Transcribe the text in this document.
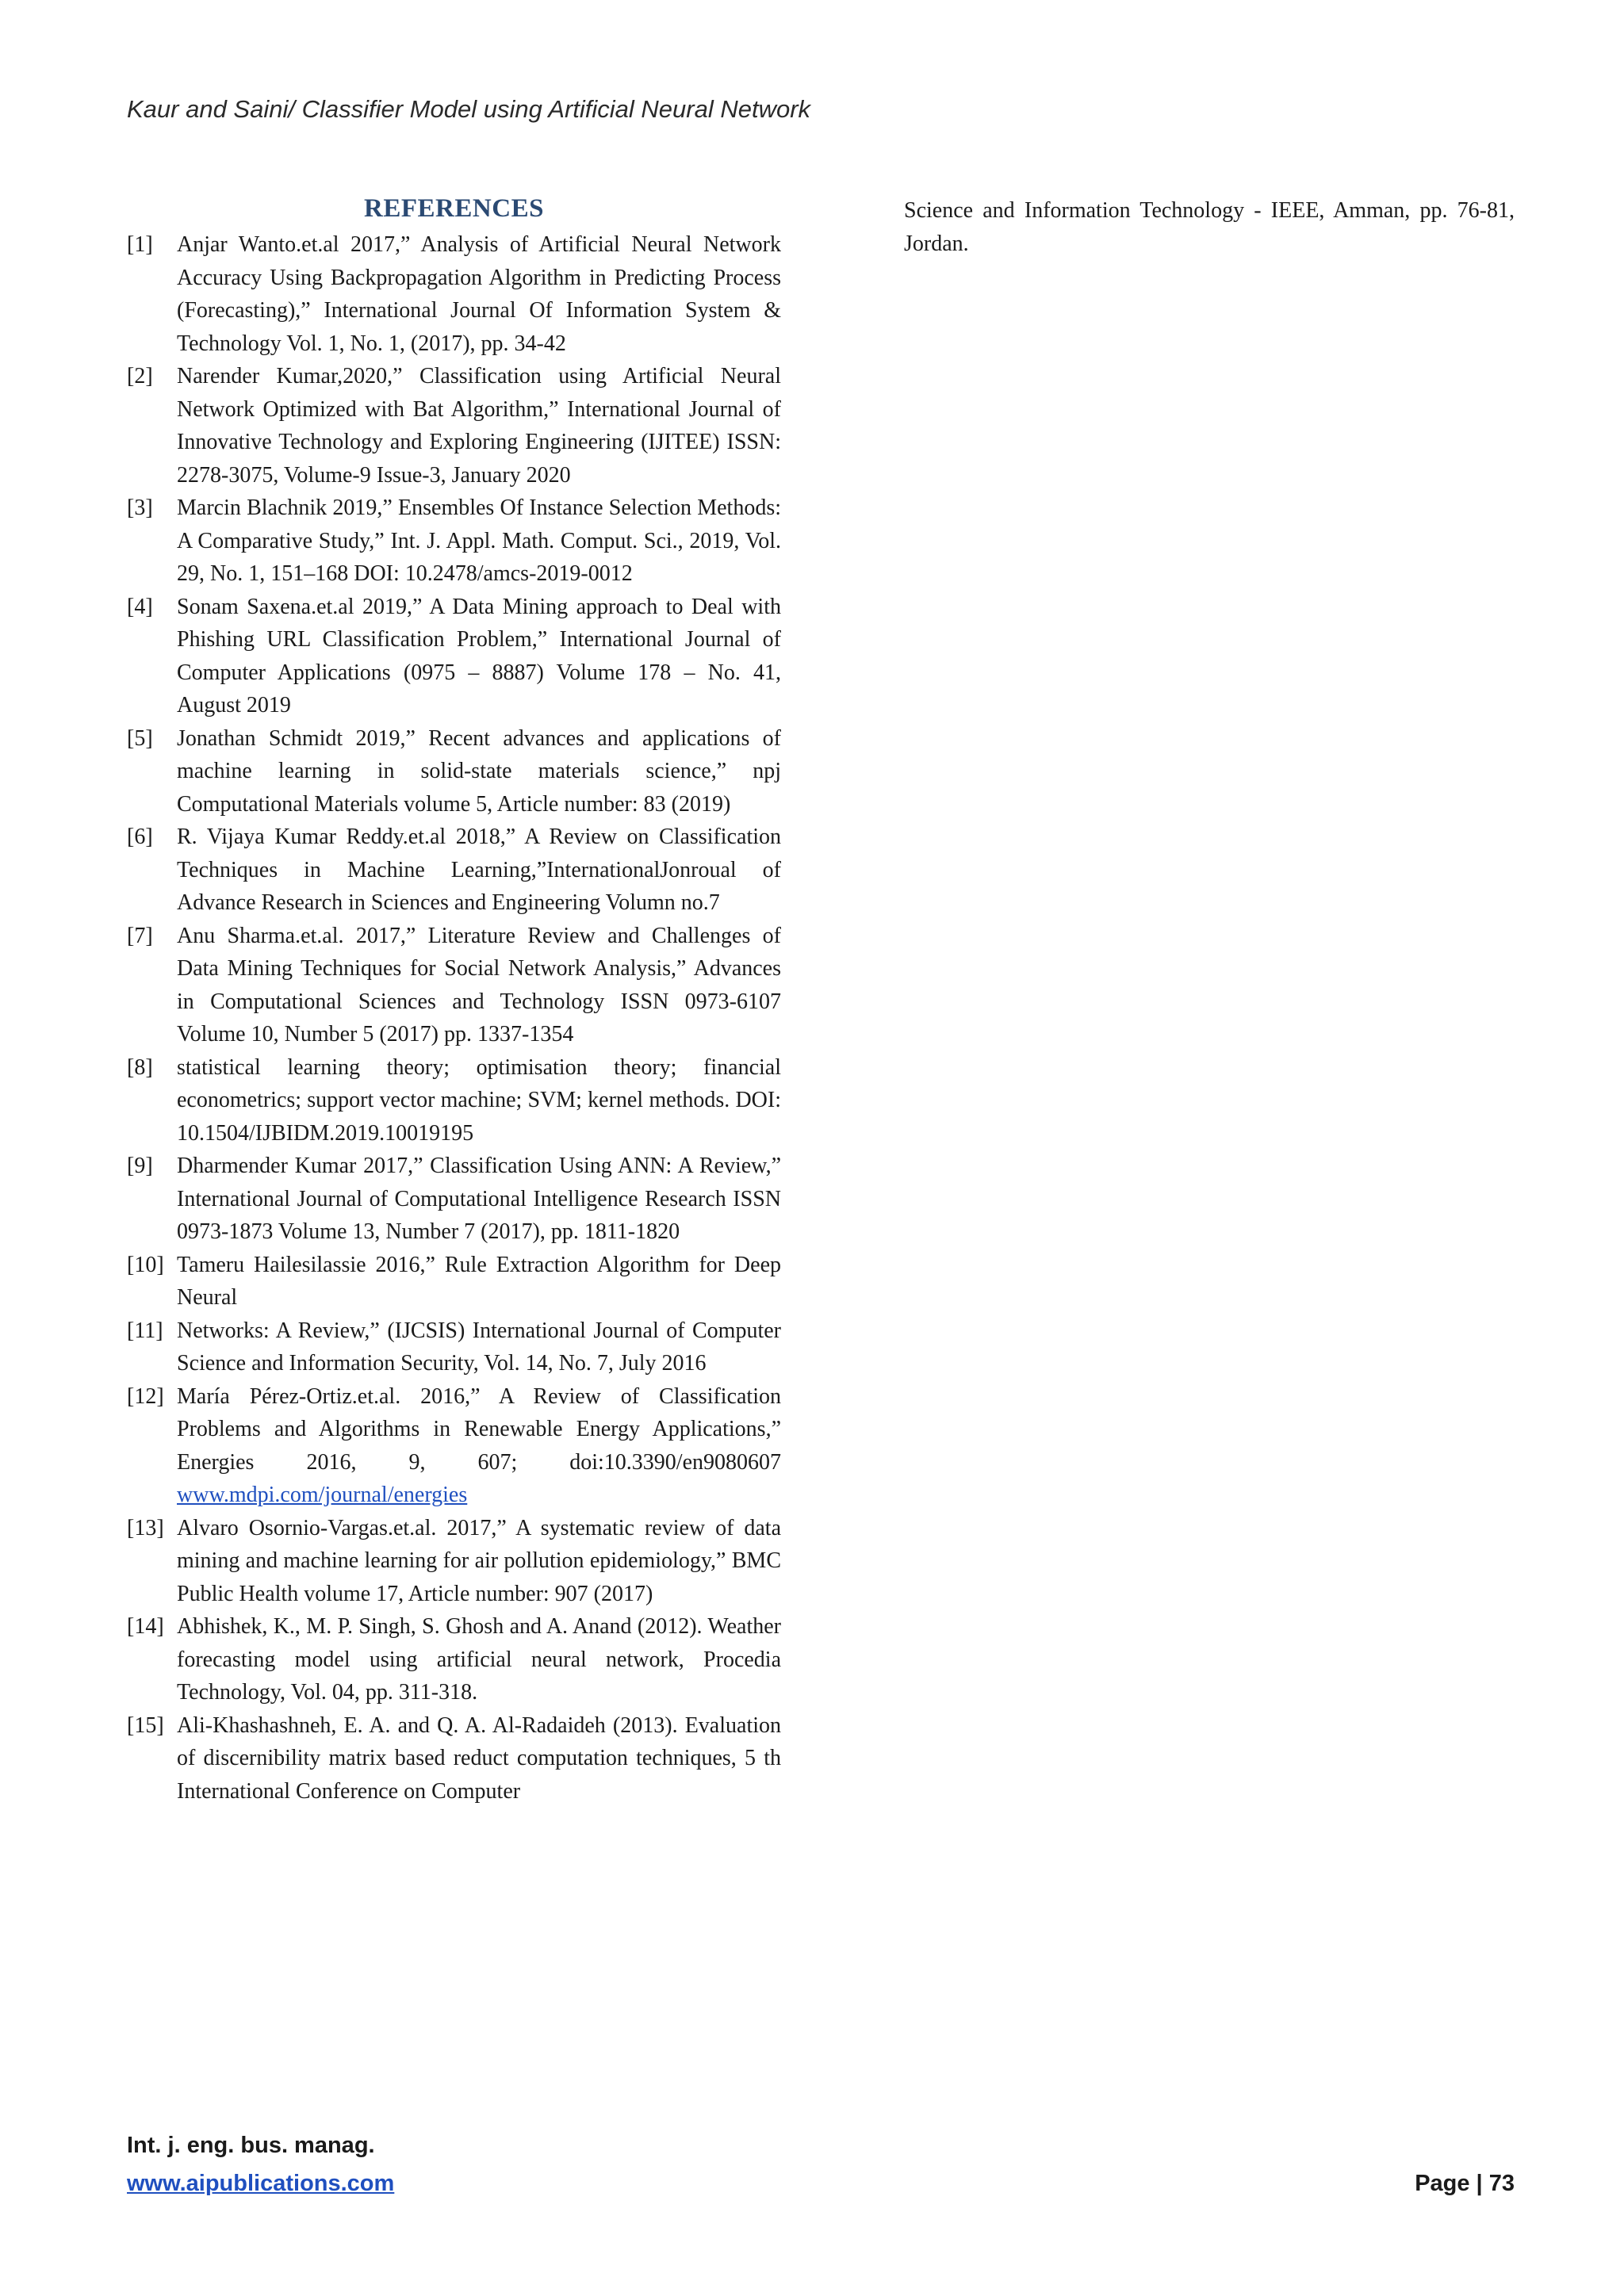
Kaur and Saini/ Classifier Model using Artificial Neural Network
REFERENCES
[1]	Anjar Wanto.et.al 2017,” Analysis of Artificial Neural Network Accuracy Using Backpropagation Algorithm in Predicting Process (Forecasting),” International Journal Of Information System & Technology Vol. 1, No. 1, (2017), pp. 34-42
[2]	Narender Kumar,2020,” Classification using Artificial Neural Network Optimized with Bat Algorithm,” International Journal of Innovative Technology and Exploring Engineering (IJITEE) ISSN: 2278-3075, Volume-9 Issue-3, January 2020
[3]	Marcin Blachnik 2019,” Ensembles Of Instance Selection Methods: A Comparative Study,” Int. J. Appl. Math. Comput. Sci., 2019, Vol. 29, No. 1, 151–168 DOI: 10.2478/amcs-2019-0012
[4]	Sonam Saxena.et.al 2019,” A Data Mining approach to Deal with Phishing URL Classification Problem,” International Journal of Computer Applications (0975 – 8887) Volume 178 – No. 41, August 2019
[5]	Jonathan Schmidt 2019,” Recent advances and applications of machine learning in solid-state materials science,” npj Computational Materials volume 5, Article number: 83 (2019)
[6]	R. Vijaya Kumar Reddy.et.al 2018,” A Review on Classification Techniques in Machine Learning,”InternationalJonroual of Advance Research in Sciences and Engineering Volumn no.7
[7]	Anu Sharma.et.al. 2017,” Literature Review and Challenges of Data Mining Techniques for Social Network Analysis,” Advances in Computational Sciences and Technology ISSN 0973-6107 Volume 10, Number 5 (2017) pp. 1337-1354
[8]	statistical learning theory; optimisation theory; financial econometrics; support vector machine; SVM; kernel methods. DOI: 10.1504/IJBIDM.2019.10019195
[9]	Dharmender Kumar 2017,” Classification Using ANN: A Review,” International Journal of Computational Intelligence Research ISSN 0973-1873 Volume 13, Number 7 (2017), pp. 1811-1820
[10] Tameru Hailesilassie 2016,” Rule Extraction Algorithm for Deep Neural
[11] Networks: A Review,” (IJCSIS) International Journal of Computer Science and Information Security, Vol. 14, No. 7, July 2016
[12] María Pérez-Ortiz.et.al. 2016,” A Review of Classification Problems and Algorithms in Renewable Energy Applications,” Energies 2016, 9, 607; doi:10.3390/en9080607 www.mdpi.com/journal/energies
[13] Alvaro Osornio-Vargas.et.al. 2017,” A systematic review of data mining and machine learning for air pollution epidemiology,” BMC Public Health volume 17, Article number: 907 (2017)
[14] Abhishek, K., M. P. Singh, S. Ghosh and A. Anand (2012). Weather forecasting model using artificial neural network, Procedia Technology, Vol. 04, pp. 311-318.
[15] Ali-Khashashneh, E. A. and Q. A. Al-Radaideh (2013). Evaluation of discernibility matrix based reduct computation techniques, 5 th International Conference on Computer

Science and Information Technology - IEEE, Amman, pp. 76-81, Jordan.

Int. j. eng. bus. manag.
www.aipublications.com	Page | 73
